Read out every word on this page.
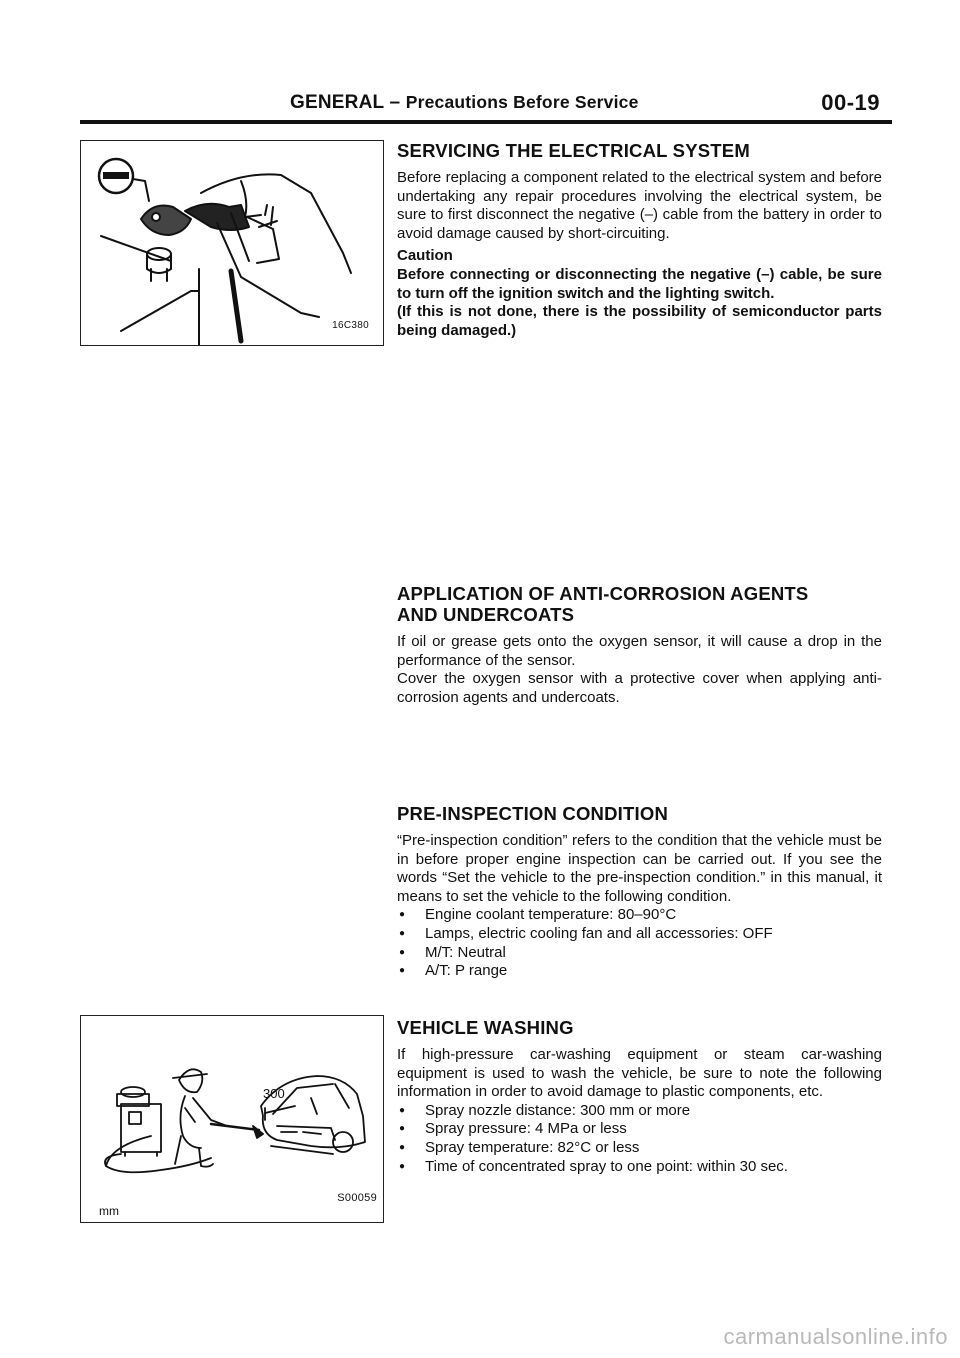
GENERAL – Precautions Before Service	00-19
16C380
300
mm
S00059
SERVICING THE ELECTRICAL SYSTEM

Before replacing a component related to the electrical system and before undertaking any repair procedures involving the electrical system, be sure to first disconnect the negative (–) cable from the battery in order to avoid damage caused by short-circuiting.

Caution

Before connecting or disconnecting the negative (–) cable, be sure to turn off the ignition switch and the lighting switch.

(If this is not done, there is the possibility of semiconductor parts being damaged.)

APPLICATION OF ANTI-CORROSION AGENTS
AND UNDERCOATS

If oil or grease gets onto the oxygen sensor, it will cause a drop in the performance of the sensor.

Cover the oxygen sensor with a protective cover when applying anti-corrosion agents and undercoats.

PRE-INSPECTION CONDITION

“Pre-inspection condition” refers to the condition that the vehicle must be in before proper engine inspection can be carried out. If you see the words “Set the vehicle to the pre-inspection condition.” in this manual, it means to set the vehicle to the following condition.

● Engine coolant temperature: 80–90°C
● Lamps, electric cooling fan and all accessories: OFF
● M/T: Neutral
● A/T: P range
VEHICLE WASHING

If high-pressure car-washing equipment or steam car-washing equipment is used to wash the vehicle, be sure to note the following information in order to avoid damage to plastic components, etc.

● Spray nozzle distance: 300 mm or more
● Spray pressure: 4 MPa or less
● Spray temperature: 82°C or less
● Time of concentrated spray to one point: within 30 sec.
carmanualsonline.info
